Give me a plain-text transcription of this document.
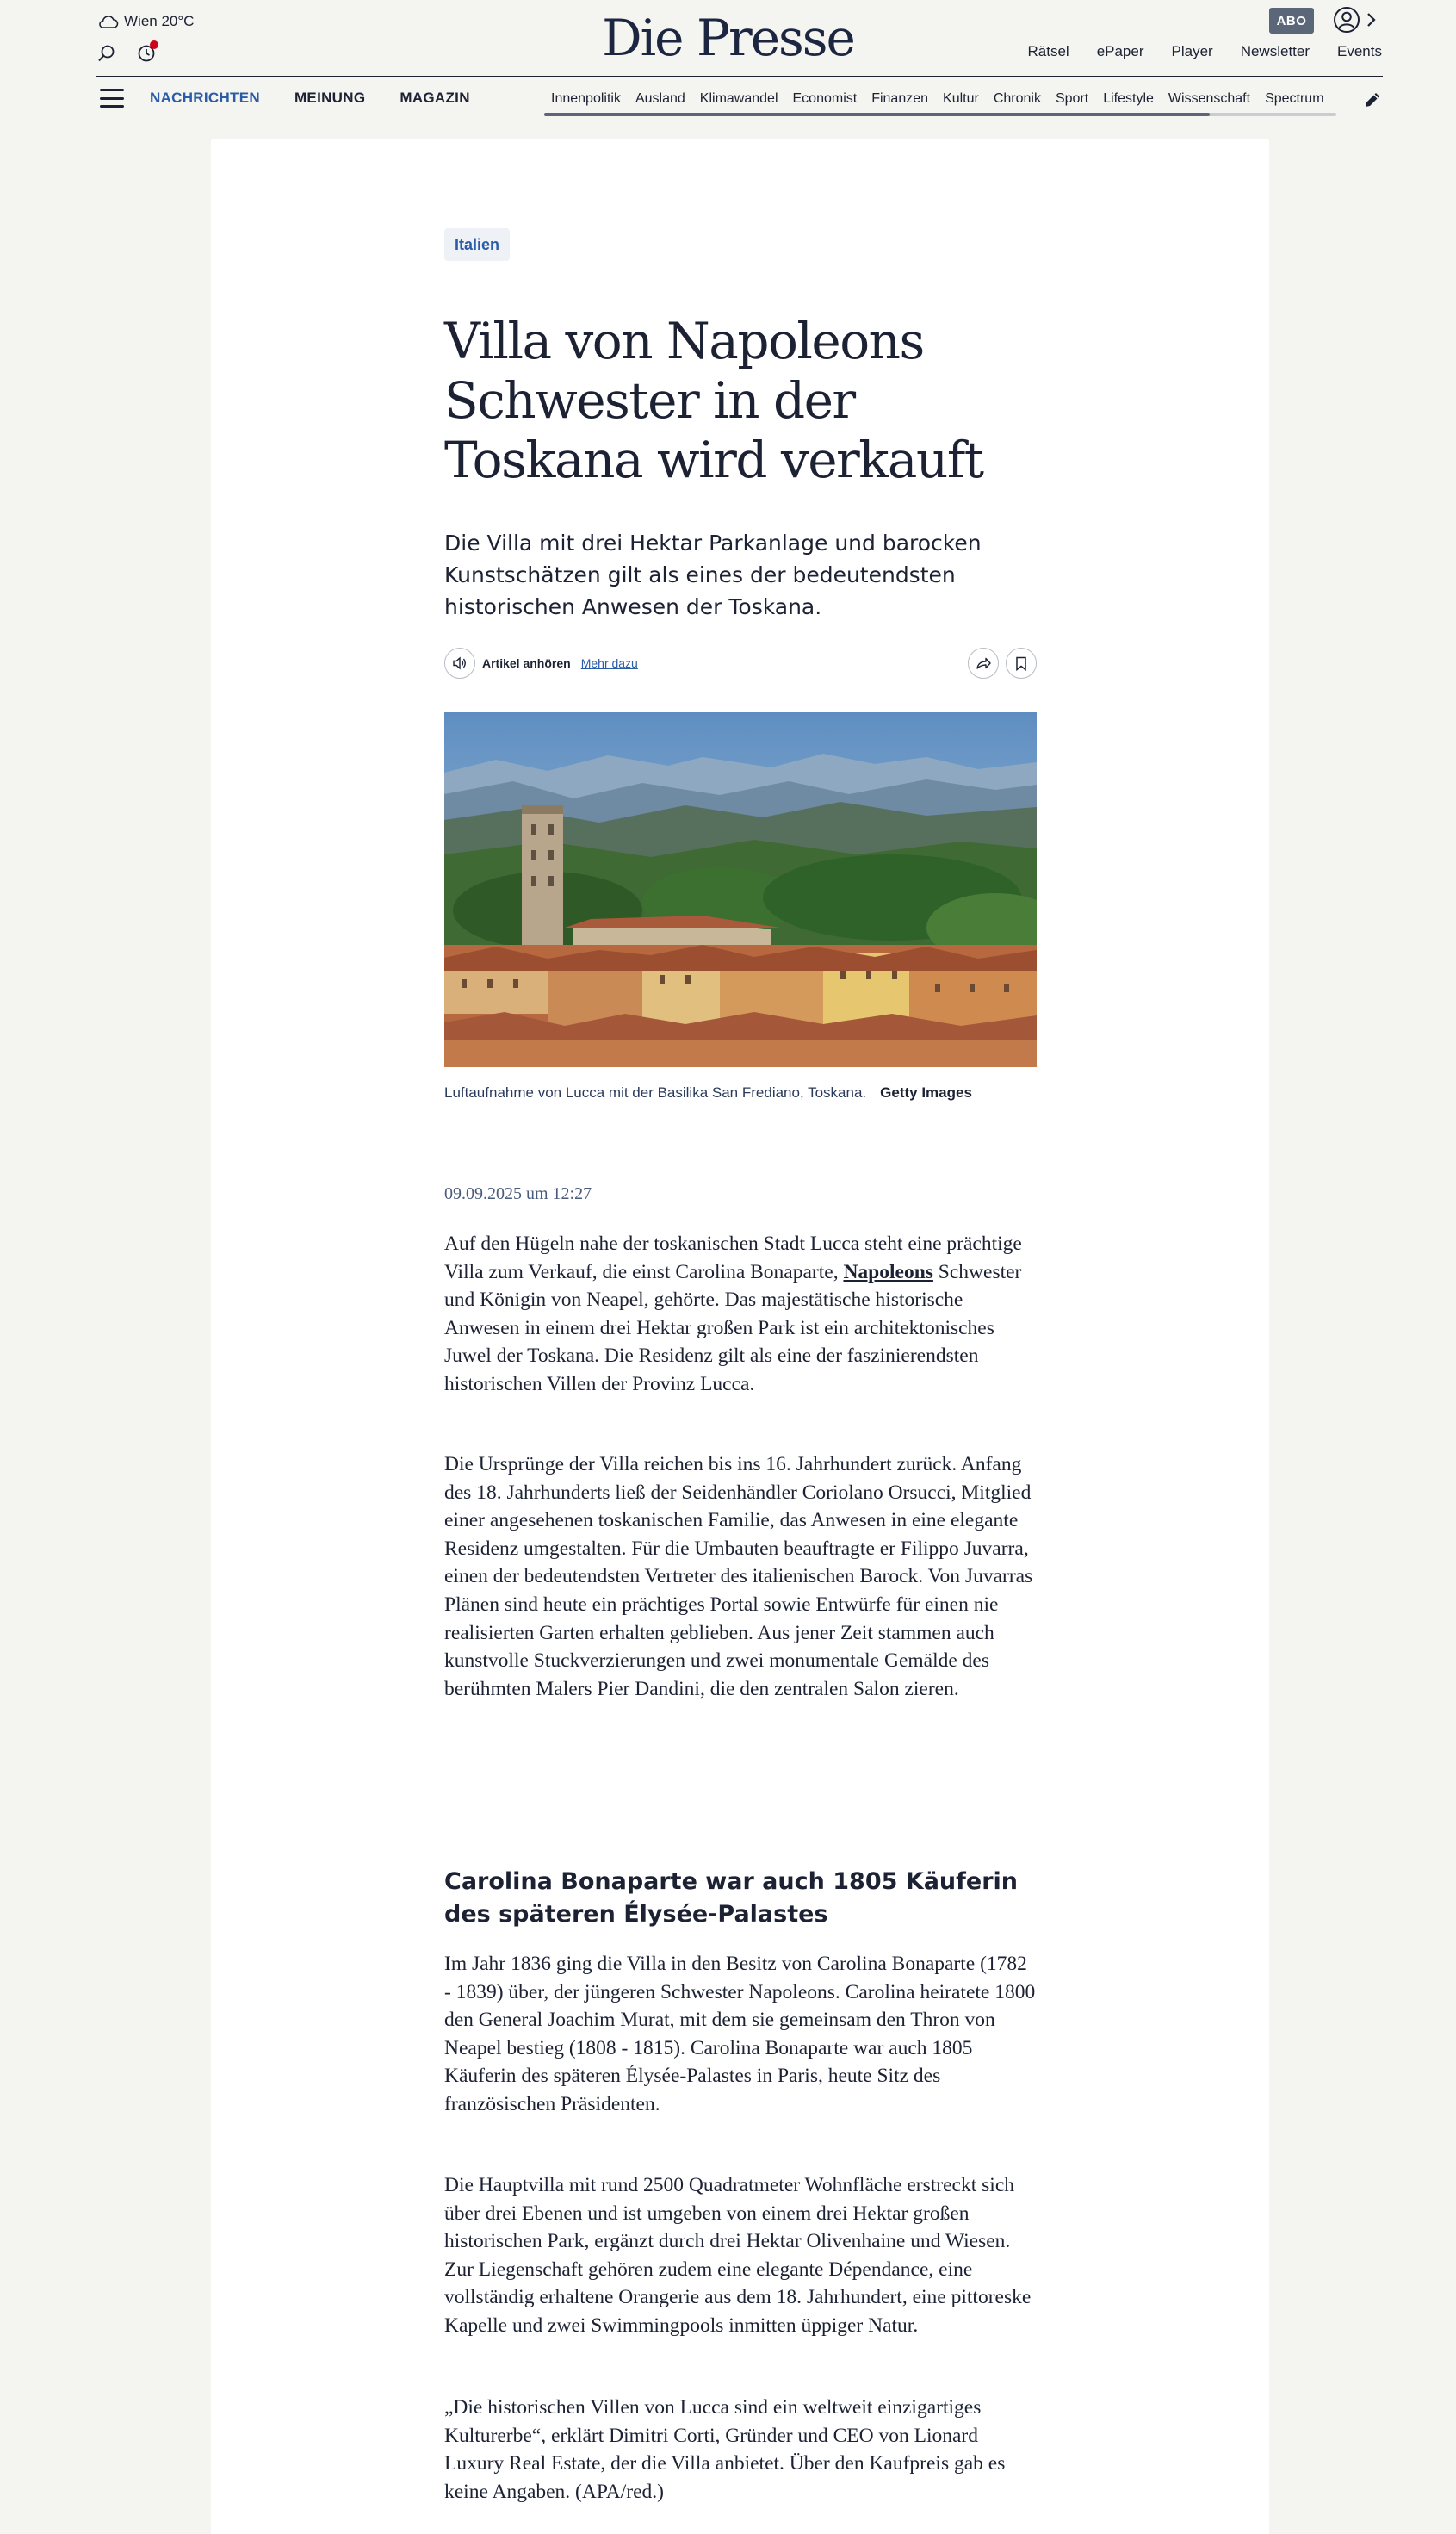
Wien 20°C	Die Presse	ABO
Rätsel ePaper Player Newsletter Events
NACHRICHTEN MEINUNG MAGAZIN	Innenpolitik Ausland Klimawandel Economist Finanzen Kultur Chronik Sport Lifestyle Wissenschaft Spectrum
Italien
Villa von Napoleons Schwester in der Toskana wird verkauft

Die Villa mit drei Hektar Parkanlage und barocken Kunstschätzen gilt als eines der bedeutendsten historischen Anwesen der Toskana.

Artikel anhören Mehr dazu

Luftaufnahme von Lucca mit der Basilika San Frediano, Toskana. Getty Images

09.09.2025 um 12:27

Auf den Hügeln nahe der toskanischen Stadt Lucca steht eine prächtige Villa zum Verkauf, die einst Carolina Bonaparte, Napoleons Schwester und Königin von Neapel, gehörte. Das majestätische historische Anwesen in einem drei Hektar großen Park ist ein architektonisches Juwel der Toskana. Die Residenz gilt als eine der faszinierendsten historischen Villen der Provinz Lucca.

Die Ursprünge der Villa reichen bis ins 16. Jahrhundert zurück. Anfang des 18. Jahrhunderts ließ der Seidenhändler Coriolano Orsucci, Mitglied einer angesehenen toskanischen Familie, das Anwesen in eine elegante Residenz umgestalten. Für die Umbauten beauftragte er Filippo Juvarra, einen der bedeutendsten Vertreter des italienischen Barock. Von Juvarras Plänen sind heute ein prächtiges Portal sowie Entwürfe für einen nie realisierten Garten erhalten geblieben. Aus jener Zeit stammen auch kunstvolle Stuckverzierungen und zwei monumentale Gemälde des berühmten Malers Pier Dandini, die den zentralen Salon zieren.

Carolina Bonaparte war auch 1805 Käuferin des späteren Élysée-Palastes

Im Jahr 1836 ging die Villa in den Besitz von Carolina Bonaparte (1782 - 1839) über, der jüngeren Schwester Napoleons. Carolina heiratete 1800 den General Joachim Murat, mit dem sie gemeinsam den Thron von Neapel bestieg (1808 - 1815). Carolina Bonaparte war auch 1805 Käuferin des späteren Élysée-Palastes in Paris, heute Sitz des französischen Präsidenten.

Die Hauptvilla mit rund 2500 Quadratmeter Wohnfläche erstreckt sich über drei Ebenen und ist umgeben von einem drei Hektar großen historischen Park, ergänzt durch drei Hektar Olivenhaine und Wiesen. Zur Liegenschaft gehören zudem eine elegante Dépendance, eine vollständig erhaltene Orangerie aus dem 18. Jahrhundert, eine pittoreske Kapelle und zwei Swimmingpools inmitten üppiger Natur.

„Die historischen Villen von Lucca sind ein weltweit einzigartiges Kulturerbe“, erklärt Dimitri Corti, Gründer und CEO von Lionard Luxury Real Estate, der die Villa anbietet. Über den Kaufpreis gab es keine Angaben. (APA/red.)
